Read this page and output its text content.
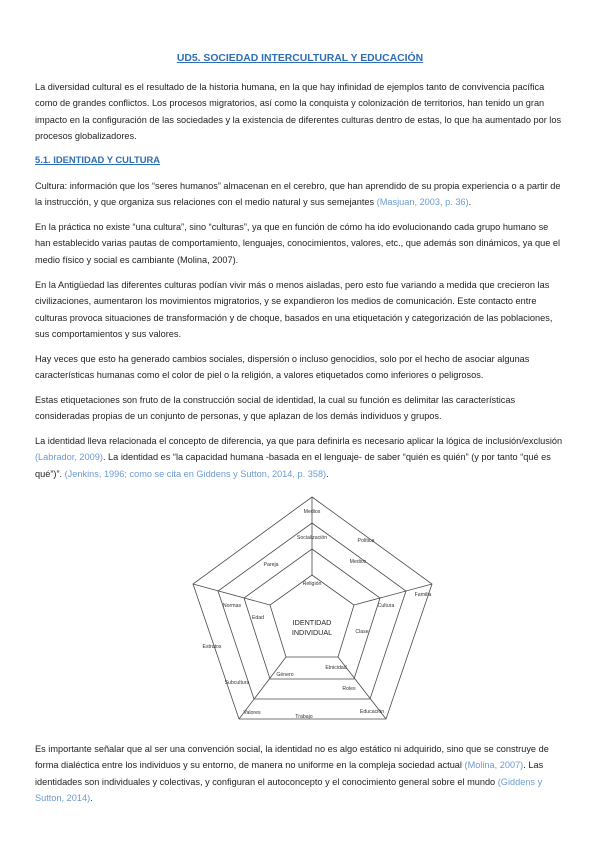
UD5. SOCIEDAD INTERCULTURAL Y EDUCACIÓN

La diversidad cultural es el resultado de la historia humana, en la que hay infinidad de ejemplos tanto de convivencia pacífica como de grandes conflictos. Los procesos migratorios, así como la conquista y colonización de territorios, han tenido un gran impacto en la configuración de las sociedades y la existencia de diferentes culturas dentro de estas, lo que ha aumentado por los procesos globalizadores.

5.1. IDENTIDAD Y CULTURA

Cultura: información que los “seres humanos” almacenan en el cerebro, que han aprendido de su propia experiencia o a partir de la instrucción, y que organiza sus relaciones con el medio natural y sus semejantes (Masjuan, 2003, p. 36).

En la práctica no existe “una cultura”, sino “culturas”, ya que en función de cómo ha ido evolucionando cada grupo humano se han establecido varias pautas de comportamiento, lenguajes, conocimientos, valores, etc., que además son dinámicos, ya que el medio físico y social es cambiante (Molina, 2007).

En la Antigüedad las diferentes culturas podían vivir más o menos aisladas, pero esto fue variando a medida que crecieron las civilizaciones, aumentaron los movimientos migratorios, y se expandieron los medios de comunicación. Este contacto entre culturas provoca situaciones de transformación y de choque, basados en una etiquetación y categorización de las poblaciones, sus comportamientos y sus valores.

Hay veces que esto ha generado cambios sociales, dispersión o incluso genocidios, solo por el hecho de asociar algunas características humanas como el color de piel o la religión, a valores etiquetados como inferiores o peligrosos.

Estas etiquetaciones son fruto de la construcción social de identidad, la cual su función es delimitar las características consideradas propias de un conjunto de personas, y que aplazan de los demás individuos y grupos.

La identidad lleva relacionada el concepto de diferencia, ya que para definirla es necesario aplicar la lógica de inclusión/exclusión (Labrador, 2009). La identidad es “la capacidad humana -basada en el lenguaje- de saber “quién es quién” (y por tanto “qué es qué”)”. (Jenkins, 1996; como se cita en Giddens y Sutton, 2014, p. 358).

Medios
Política
Socialización
Medios
Pareja
Religión
Familia
Normas
Edad
Cultura
Clase
Estratos
Etnicidad
Género
Subcultura
Roles
Valores	Educación
Trabajo
IDENTIDAD
INDIVIDUAL

Es importante señalar que al ser una convención social, la identidad no es algo estático ni adquirido, sino que se construye de forma dialéctica entre los individuos y su entorno, de manera no uniforme en la compleja sociedad actual (Molina, 2007). Las identidades son individuales y colectivas, y configuran el autoconcepto y el conocimiento general sobre el mundo (Giddens y Sutton, 2014).
